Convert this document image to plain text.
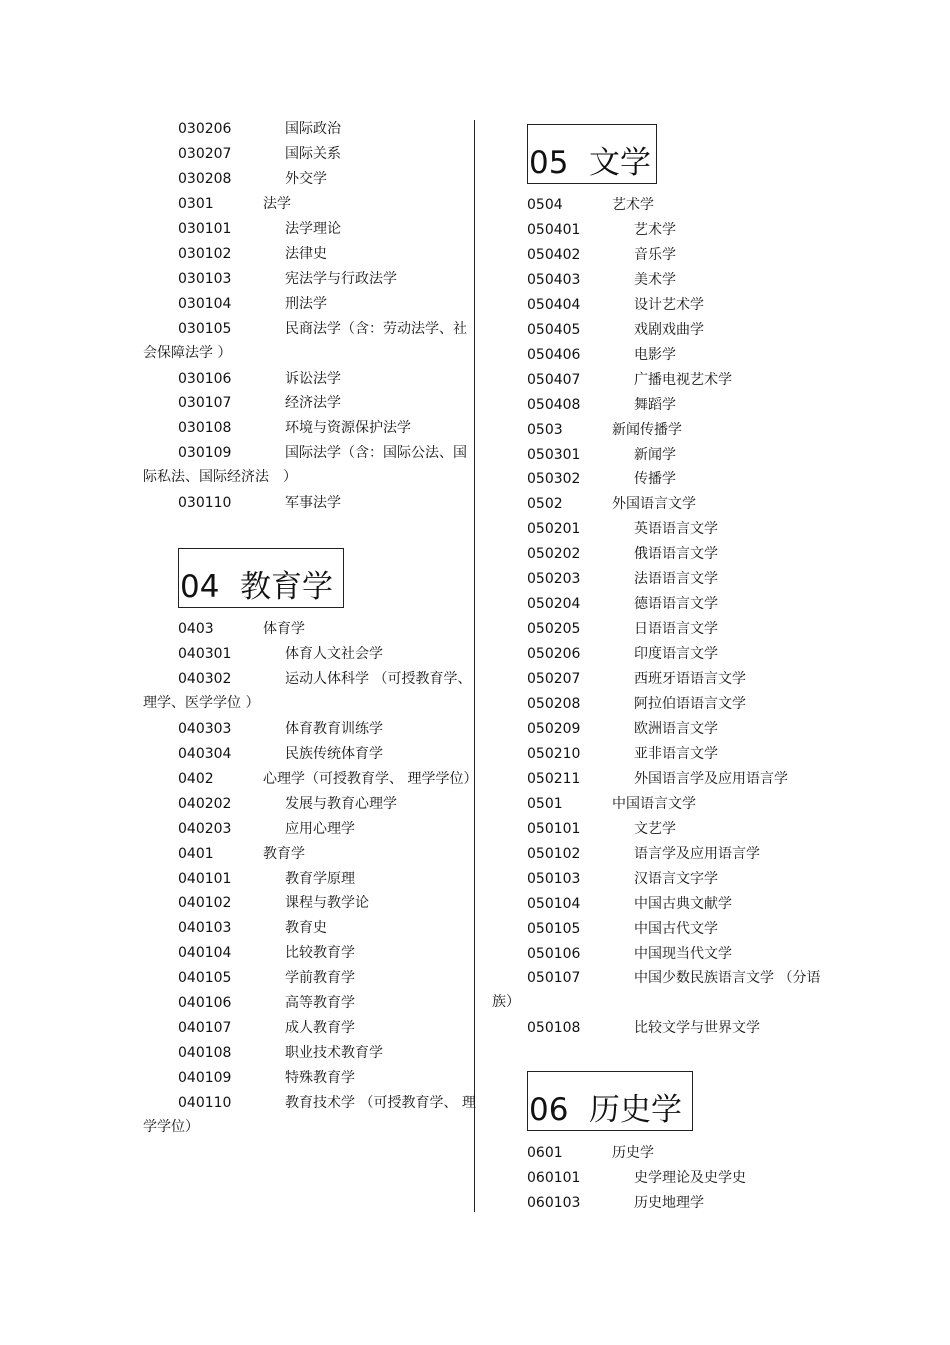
030206	国际政治
030207	国际关系
030208	外交学
0301	法学
030101	法学理论
030102	法律史
030103	宪法学与行政法学
030104	刑法学
030105	民商法学（含：劳动法学、社
会保障法学 ）
030106	诉讼法学
030107	经济法学
030108	环境与资源保护法学
030109	国际法学（含：国际公法、国
际私法、国际经济法　）
030110	军事法学
04 教育学
0403	体育学
040301	体育人文社会学
040302	运动人体科学 （可授教育学、
理学、医学学位 ）
040303	体育教育训练学
040304	民族传统体育学
0402	心理学（可授教育学、 理学学位）
040202	发展与教育心理学
040203	应用心理学
0401	教育学
040101	教育学原理
040102	课程与教学论
040103	教育史
040104	比较教育学
040105	学前教育学
040106	高等教育学
040107	成人教育学
040108	职业技术教育学
040109	特殊教育学
040110	教育技术学 （可授教育学、 理
学学位）
05 文学
0504	艺术学
050401	艺术学
050402	音乐学
050403	美术学
050404	设计艺术学
050405	戏剧戏曲学
050406	电影学
050407	广播电视艺术学
050408	舞蹈学
0503	新闻传播学
050301	新闻学
050302	传播学
0502	外国语言文学
050201	英语语言文学
050202	俄语语言文学
050203	法语语言文学
050204	德语语言文学
050205	日语语言文学
050206	印度语言文学
050207	西班牙语语言文学
050208	阿拉伯语语言文学
050209	欧洲语言文学
050210	亚非语言文学
050211	外国语言学及应用语言学
0501	中国语言文学
050101	文艺学
050102	语言学及应用语言学
050103	汉语言文字学
050104	中国古典文献学
050105	中国古代文学
050106	中国现当代文学
050107	中国少数民族语言文学 （分语
族）
050108	比较文学与世界文学
06 历史学
0601	历史学
060101	史学理论及史学史
060103	历史地理学
